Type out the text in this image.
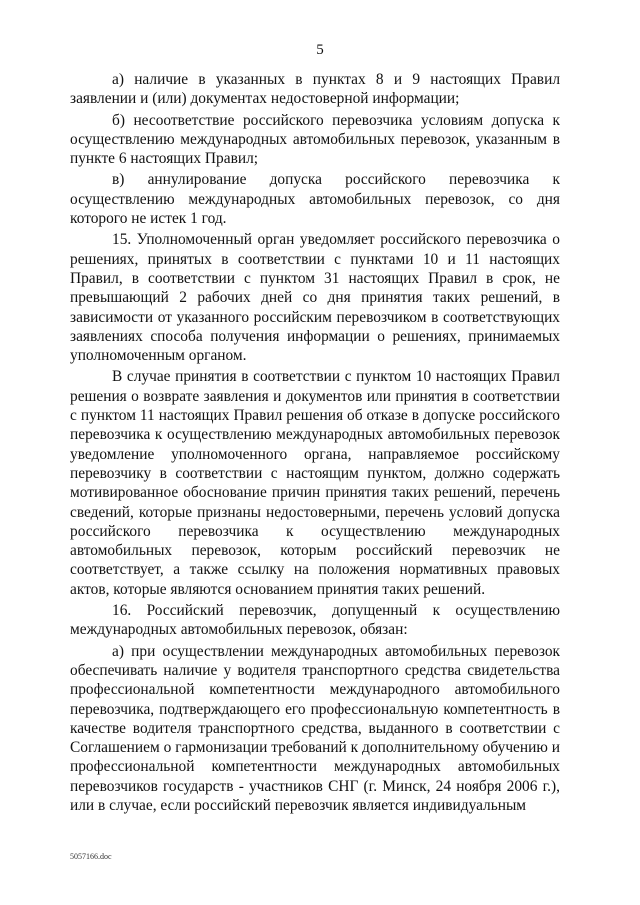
5

а) наличие в указанных в пунктах 8 и 9 настоящих Правил заявлении и (или) документах недостоверной информации;

б) несоответствие российского перевозчика условиям допуска к осуществлению международных автомобильных перевозок, указанным в пункте 6 настоящих Правил;

в) аннулирование допуска российского перевозчика к осуществлению международных автомобильных перевозок, со дня которого не истек 1 год.

15. Уполномоченный орган уведомляет российского перевозчика о решениях, принятых в соответствии с пунктами 10 и 11 настоящих Правил, в соответствии с пунктом 31 настоящих Правил в срок, не превышающий 2 рабочих дней со дня принятия таких решений, в зависимости от указанного российским перевозчиком в соответствующих заявлениях способа получения информации о решениях, принимаемых уполномоченным органом.

В случае принятия в соответствии с пунктом 10 настоящих Правил решения о возврате заявления и документов или принятия в соответствии с пунктом 11 настоящих Правил решения об отказе в допуске российского перевозчика к осуществлению международных автомобильных перевозок уведомление уполномоченного органа, направляемое российскому перевозчику в соответствии с настоящим пунктом, должно содержать мотивированное обоснование причин принятия таких решений, перечень сведений, которые признаны недостоверными, перечень условий допуска российского перевозчика к осуществлению международных автомобильных перевозок, которым российский перевозчик не соответствует, а также ссылку на положения нормативных правовых актов, которые являются основанием принятия таких решений.

16. Российский перевозчик, допущенный к осуществлению международных автомобильных перевозок, обязан:

а) при осуществлении международных автомобильных перевозок обеспечивать наличие у водителя транспортного средства свидетельства профессиональной компетентности международного автомобильного перевозчика, подтверждающего его профессиональную компетентность в качестве водителя транспортного средства, выданного в соответствии с Соглашением о гармонизации требований к дополнительному обучению и профессиональной компетентности международных автомобильных перевозчиков государств - участников СНГ (г. Минск, 24 ноября 2006 г.), или в случае, если российский перевозчик является индивидуальным

5057166.doc
